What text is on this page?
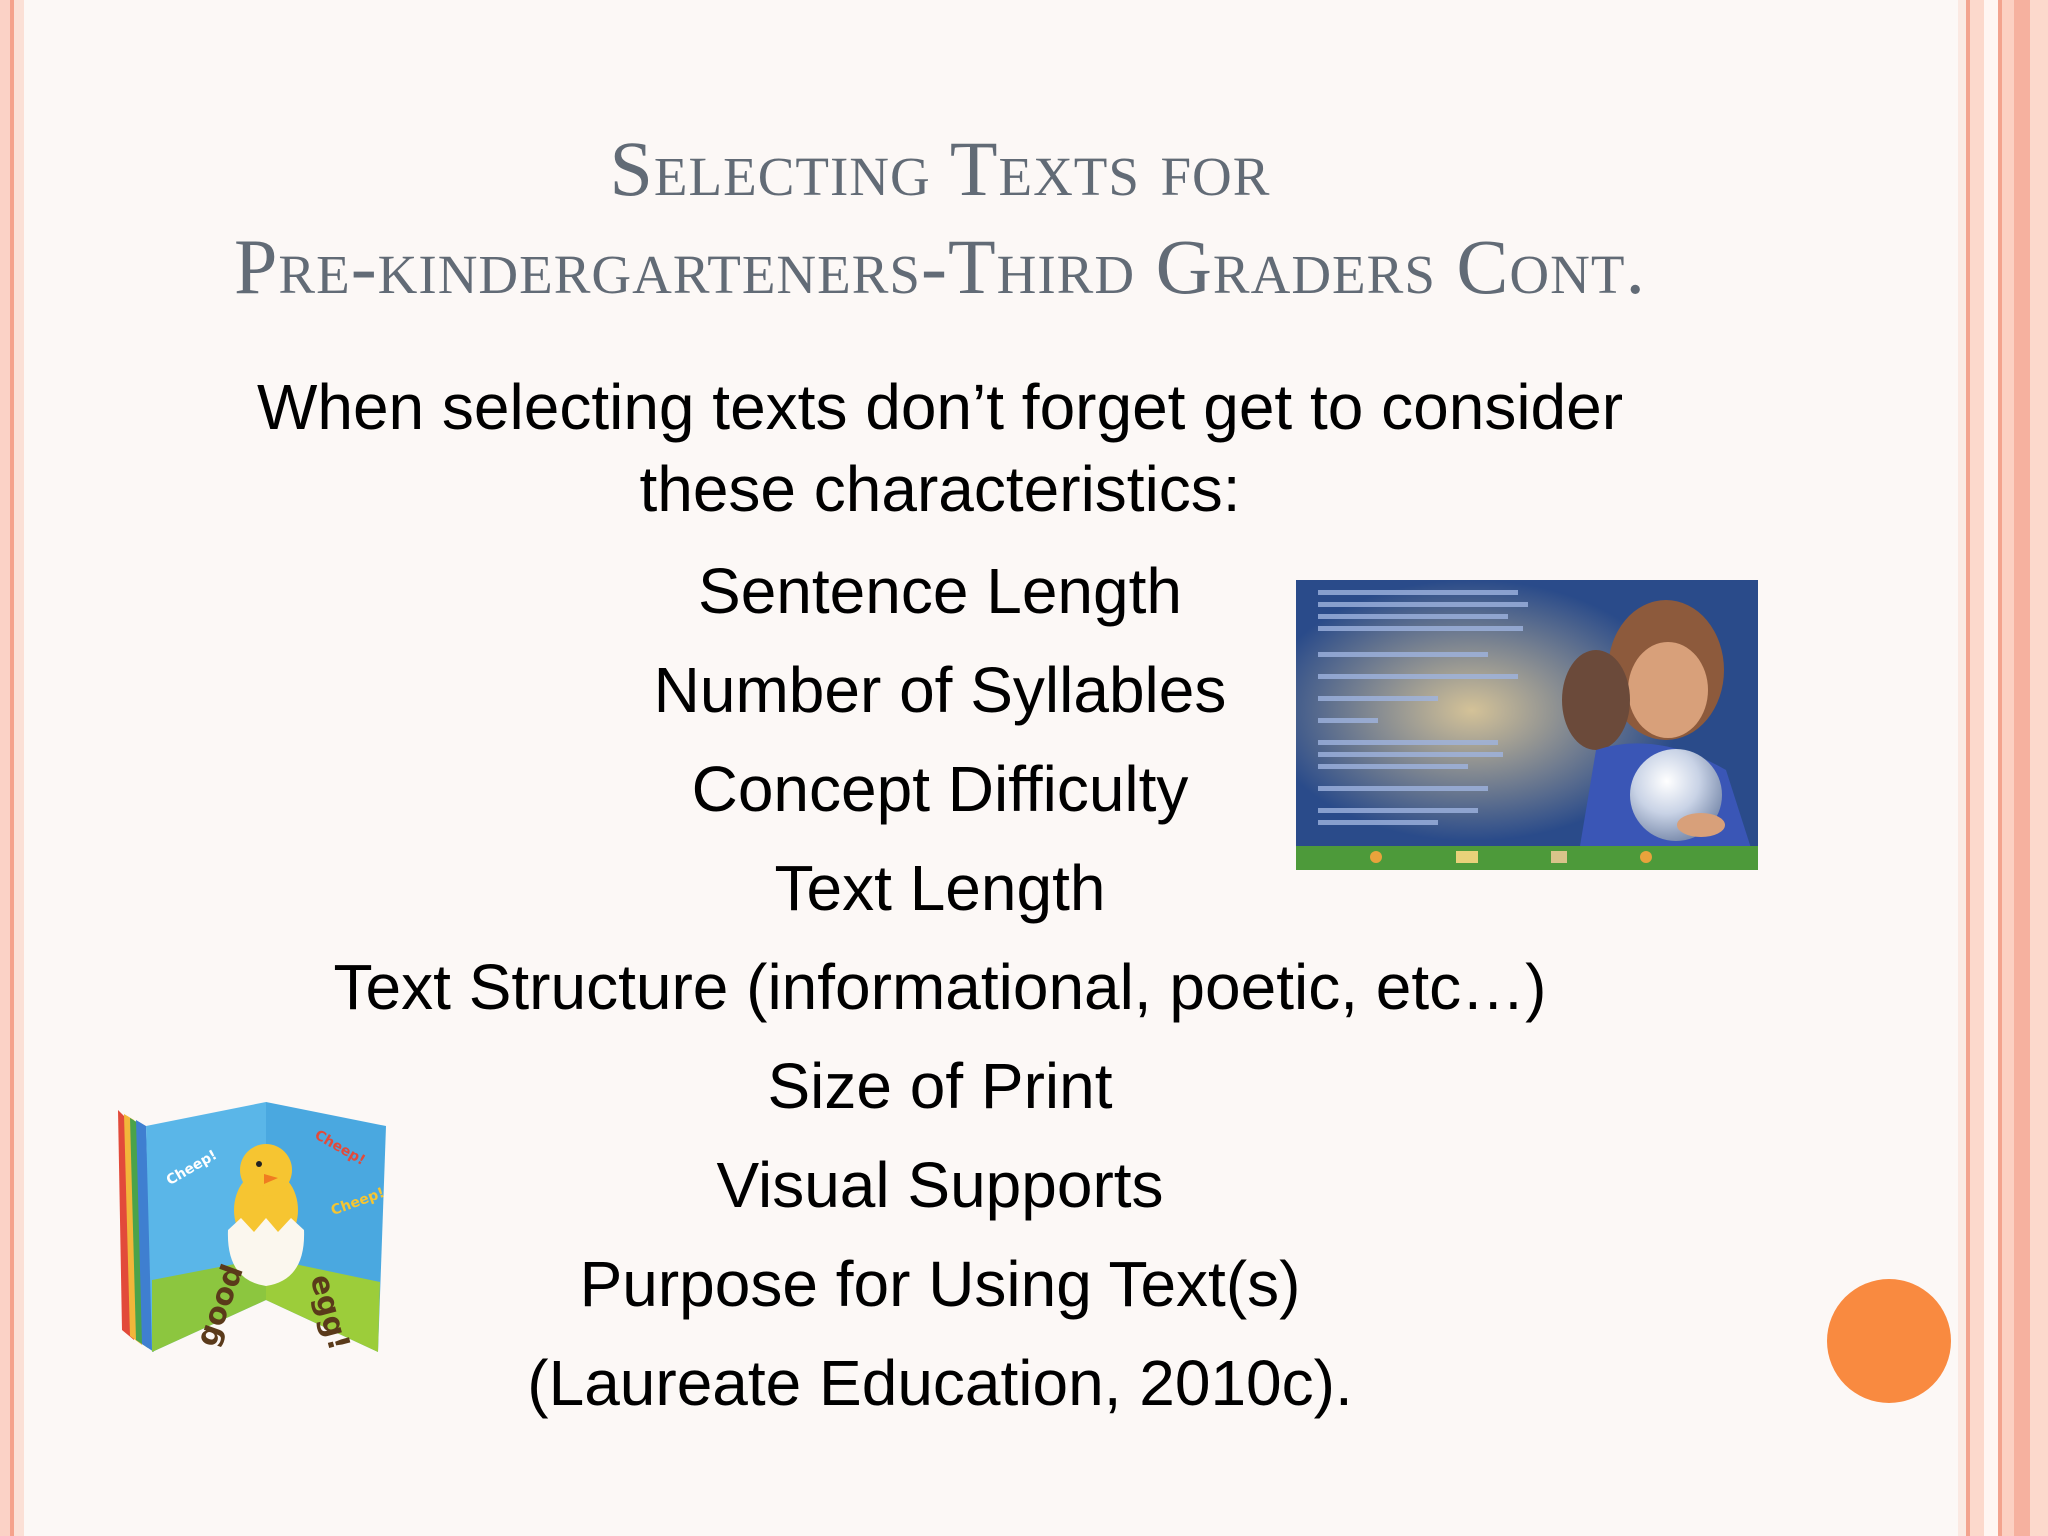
Selecting Texts for
Pre-kindergarteners-Third Graders Cont.
When selecting texts don’t forget get to consider these characteristics:
Sentence Length
Number of Syllables
Concept Difficulty
Text Length
Text Structure (informational, poetic, etc…)
Size of Print
Visual Supports
Purpose for Using Text(s)
(Laureate Education, 2010c).
good egg!
Cheep!	Cheep!
Cheep!
